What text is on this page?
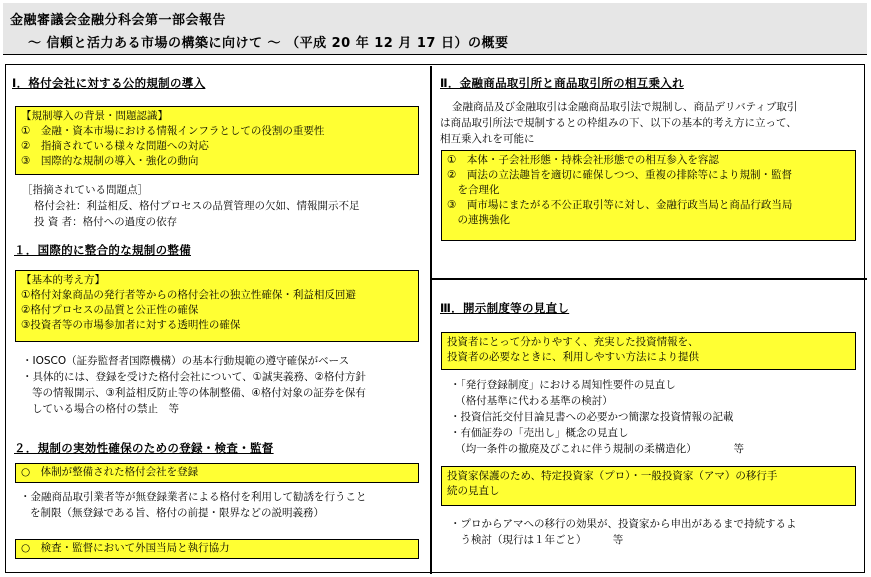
金融審議会金融分科会第一部会報告
～ 信頼と活力ある市場の構築に向けて ～ （平成 20 年 12 月 17 日）の概要
Ⅰ．格付会社に対する公的規制の導入
【規制導入の背景・問題認識】
①　金融・資本市場における情報インフラとしての役割の重要性
②　指摘されている様々な問題への対応
③　国際的な規制の導入・強化の動向
［指摘されている問題点］
格付会社：利益相反、格付プロセスの品質管理の欠如、情報開示不足
投 資 者：格付への過度の依存
１．国際的に整合的な規制の整備
【基本的考え方】
①格付対象商品の発行者等からの格付会社の独立性確保・利益相反回避
②格付プロセスの品質と公正性の確保
③投資者等の市場参加者に対する透明性の確保
・IOSCO（証券監督者国際機構）の基本行動規範の遵守確保がベース
・具体的には、登録を受けた格付会社について、①誠実義務、②格付方針
等の情報開示、③利益相反防止等の体制整備、④格付対象の証券を保有
している場合の格付の禁止　等
２．規制の実効性確保のための登録・検査・監督
○　体制が整備された格付会社を登録
・金融商品取引業者等が無登録業者による格付を利用して勧誘を行うこと
を制限（無登録である旨、格付の前提・限界などの説明義務）
○　検査・監督において外国当局と執行協力
Ⅱ．金融商品取引所と商品取引所の相互乗入れ
金融商品及び金融取引は金融商品取引法で規制し、商品デリバティブ取引
は商品取引所法で規制するとの枠組みの下、以下の基本的考え方に立って、
相互乗入れを可能に
①　本体・子会社形態・持株会社形態での相互参入を容認
②　両法の立法趣旨を適切に確保しつつ、重複の排除等により規制・監督
　を合理化
③　両市場にまたがる不公正取引等に対し、金融行政当局と商品行政当局
　の連携強化
Ⅲ．開示制度等の見直し
投資者にとって分かりやすく、充実した投資情報を、
投資者の必要なときに、利用しやすい方法により提供
・「発行登録制度」における周知性要件の見直し
　（格付基準に代わる基準の検討）
・投資信託交付目論見書への必要かつ簡潔な投資情報の記載
・有価証券の「売出し」概念の見直し
　（均一条件の撤廃及びこれに伴う規制の柔構造化）　　　　等
投資家保護のため、特定投資家（プロ）・一般投資家（アマ）の移行手
続の見直し
・プロからアマへの移行の効果が、投資家から申出があるまで持続するよ
　う検討（現行は１年ごと）　　　等
